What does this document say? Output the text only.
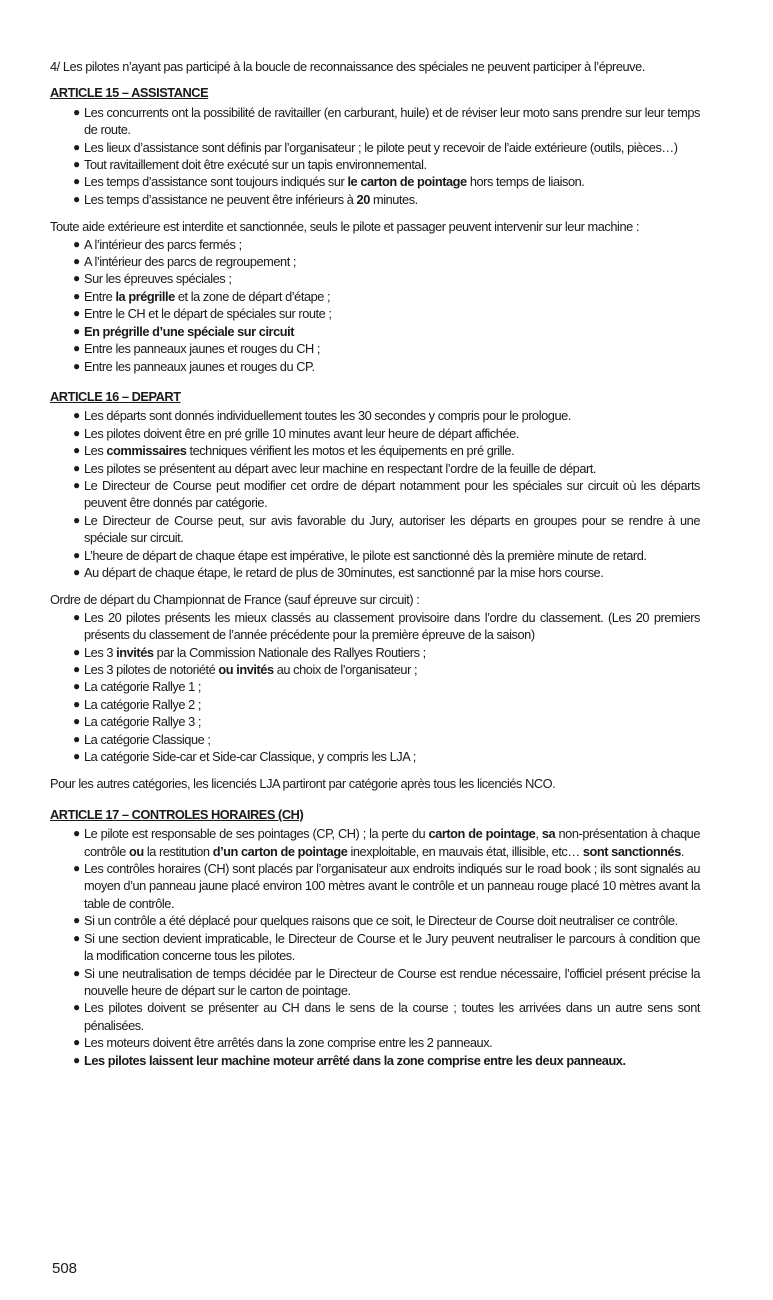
4/ Les pilotes n’ayant pas participé à la boucle de reconnaissance des spéciales ne peuvent participer à l’épreuve.

ARTICLE 15 – ASSISTANCE
● Les concurrents ont la possibilité de ravitailler (en carburant, huile) et de réviser leur moto sans prendre sur leur temps de route.
● Les lieux d’assistance sont définis par l’organisateur ; le pilote peut y recevoir de l’aide extérieure (outils, pièces…)
● Tout ravitaillement doit être exécuté sur un tapis environnemental.
● Les temps d’assistance sont toujours indiqués sur le carton de pointage hors temps de liaison.
● Les temps d’assistance ne peuvent être inférieurs à 20 minutes.

Toute aide extérieure est interdite et sanctionnée, seuls le pilote et passager peuvent intervenir sur leur machine :

● A l’intérieur des parcs fermés ;
● A l’intérieur des parcs de regroupement ;
● Sur les épreuves spéciales ;
● Entre la prégrille et la zone de départ d’étape ;
● Entre le CH et le départ de spéciales sur route ;
● En prégrille d’une spéciale sur circuit
● Entre les panneaux jaunes et rouges du CH ;
● Entre les panneaux jaunes et rouges du CP.
ARTICLE 16 – DEPART
● Les départs sont donnés individuellement toutes les 30 secondes y compris pour le prologue.
● Les pilotes doivent être en pré grille 10 minutes avant leur heure de départ affichée.
● Les commissaires techniques vérifient les motos et les équipements en pré grille.
● Les pilotes se présentent au départ avec leur machine en respectant l’ordre de la feuille de départ.
● Le Directeur de Course peut modifier cet ordre de départ notamment pour les spéciales sur circuit où les départs peuvent être donnés par catégorie.
● Le Directeur de Course peut, sur avis favorable du Jury, autoriser les départs en groupes pour se rendre à une spéciale sur circuit.
● L’heure de départ de chaque étape est impérative, le pilote est sanctionné dès la première minute de retard.
● Au départ de chaque étape, le retard de plus de 30minutes, est sanctionné par la mise hors course.

Ordre de départ du Championnat de France (sauf épreuve sur circuit) :

● Les 20 pilotes présents les mieux classés au classement provisoire dans l’ordre du classement. (Les 20 premiers présents du classement de l’année précédente pour la première épreuve de la saison)
● Les 3 invités par la Commission Nationale des Rallyes Routiers ;
● Les 3 pilotes de notoriété ou invités au choix de l’organisateur ;
● La catégorie Rallye 1 ;
● La catégorie Rallye 2 ;
● La catégorie Rallye 3 ;
● La catégorie Classique ;
● La catégorie Side-car et Side-car Classique, y compris les LJA ;

Pour les autres catégories, les licenciés LJA partiront par catégorie après tous les licenciés NCO.

ARTICLE 17 – CONTROLES HORAIRES (CH)
● Le pilote est responsable de ses pointages (CP, CH) ; la perte du carton de pointage, sa non-présentation à chaque contrôle ou la restitution d’un carton de pointage inexploitable, en mauvais état, illisible, etc… sont sanctionnés.
● Les contrôles horaires (CH) sont placés par l’organisateur aux endroits indiqués sur le road book ; ils sont signalés au moyen d’un panneau jaune placé environ 100 mètres avant le contrôle et un panneau rouge placé 10 mètres avant la table de contrôle.
● Si un contrôle a été déplacé pour quelques raisons que ce soit, le Directeur de Course doit neutraliser ce contrôle.
● Si une section devient impraticable, le Directeur de Course et le Jury peuvent neutraliser le parcours à condition que la modification concerne tous les pilotes.
● Si une neutralisation de temps décidée par le Directeur de Course est rendue nécessaire, l’officiel présent précise la nouvelle heure de départ sur le carton de pointage.
● Les pilotes doivent se présenter au CH dans le sens de la course ; toutes les arrivées dans un autre sens sont pénalisées.
● Les moteurs doivent être arrêtés dans la zone comprise entre les 2 panneaux.
● Les pilotes laissent leur machine moteur arrêté dans la zone comprise entre les deux panneaux.
508
